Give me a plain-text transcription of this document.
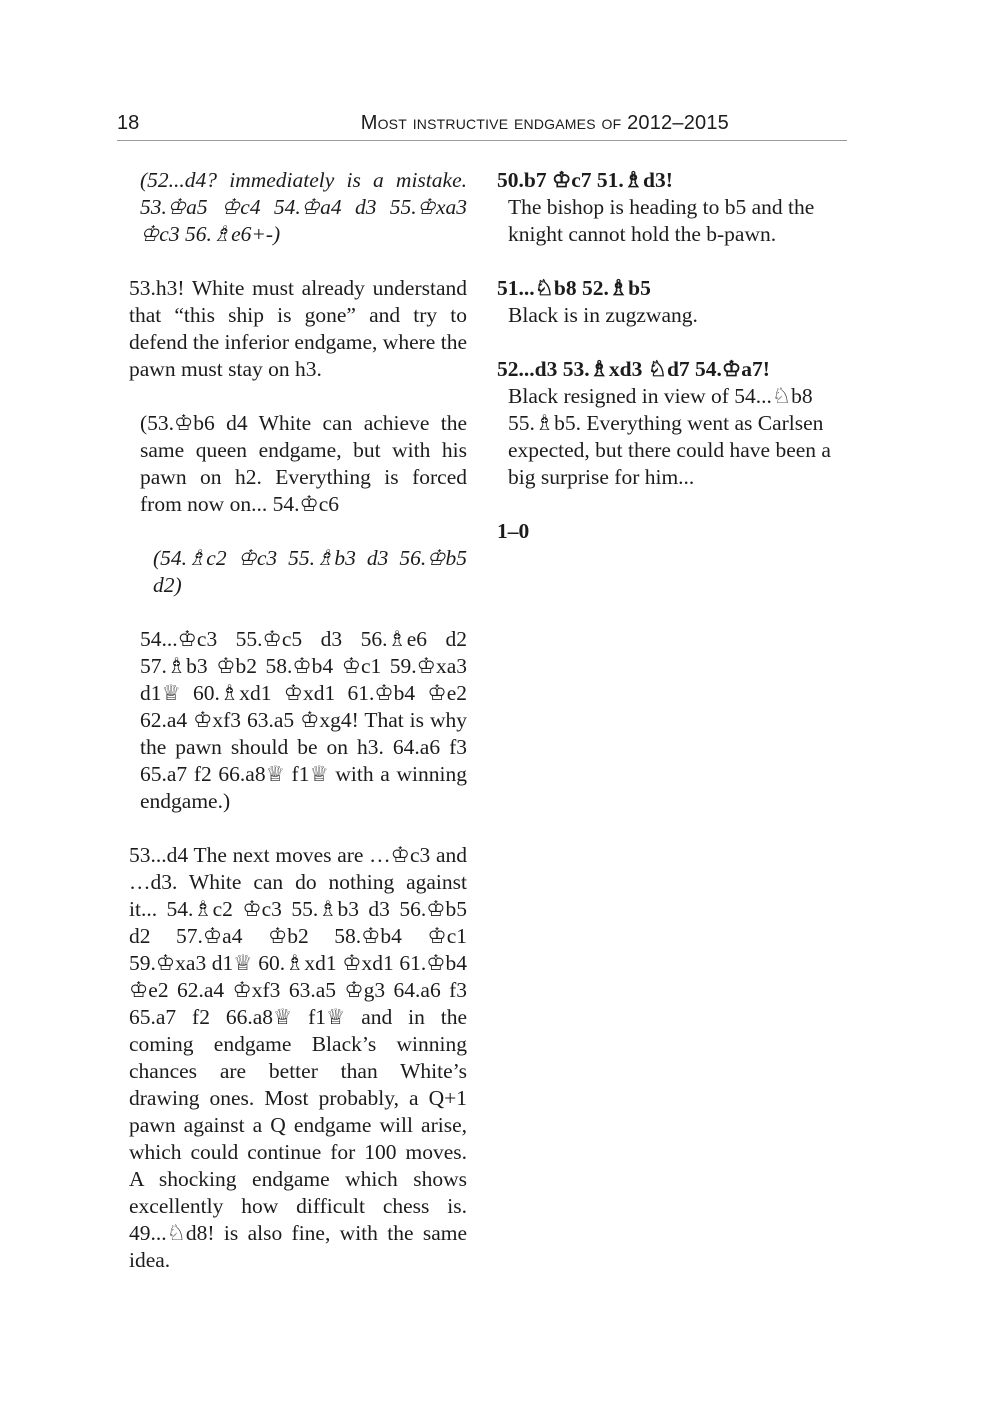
18	Most instructive endgames of 2012–2015

(52...d4? immediately is a mistake. 53.♔a5 ♔c4 54.♔a4 d3 55.♔xa3 ♔c3 56.♗e6+-)

53.h3! White must already understand that “this ship is gone” and try to defend the inferior endgame, where the pawn must stay on h3.

(53.♔b6 d4 White can achieve the same queen endgame, but with his pawn on h2. Everything is forced from now on... 54.♔c6

(54.♗c2 ♔c3 55.♗b3 d3 56.♔b5 d2)

54...♔c3 55.♔c5 d3 56.♗e6 d2 57.♗b3 ♔b2 58.♔b4 ♔c1 59.♔xa3 d1♕ 60.♗xd1 ♔xd1 61.♔b4 ♔e2 62.a4 ♔xf3 63.a5 ♔xg4! That is why the pawn should be on h3. 64.a6 f3 65.a7 f2 66.a8♕ f1♕ with a winning endgame.)

53...d4 The next moves are …♔c3 and …d3. White can do nothing against it... 54.♗c2 ♔c3 55.♗b3 d3 56.♔b5 d2 57.♔a4 ♔b2 58.♔b4 ♔c1 59.♔xa3 d1♕ 60.♗xd1 ♔xd1 61.♔b4 ♔e2 62.a4 ♔xf3 63.a5 ♔g3 64.a6 f3 65.a7 f2 66.a8♕ f1♕ and in the coming endgame Black’s winning chances are better than White’s drawing ones. Most probably, a Q+1 pawn against a Q endgame will arise, which could continue for 100 moves. A shocking endgame which shows excellently how difficult chess is. 49...♘d8! is also fine, with the same idea.

50.b7 ♔c7 51.♗d3!

The bishop is heading to b5 and the knight cannot hold the b-pawn.

51...♘b8 52.♗b5

Black is in zugzwang.

52...d3 53.♗xd3 ♘d7 54.♔a7!

Black resigned in view of 54...♘b8 55.♗b5. Everything went as Carlsen expected, but there could have been a big surprise for him...

1–0
